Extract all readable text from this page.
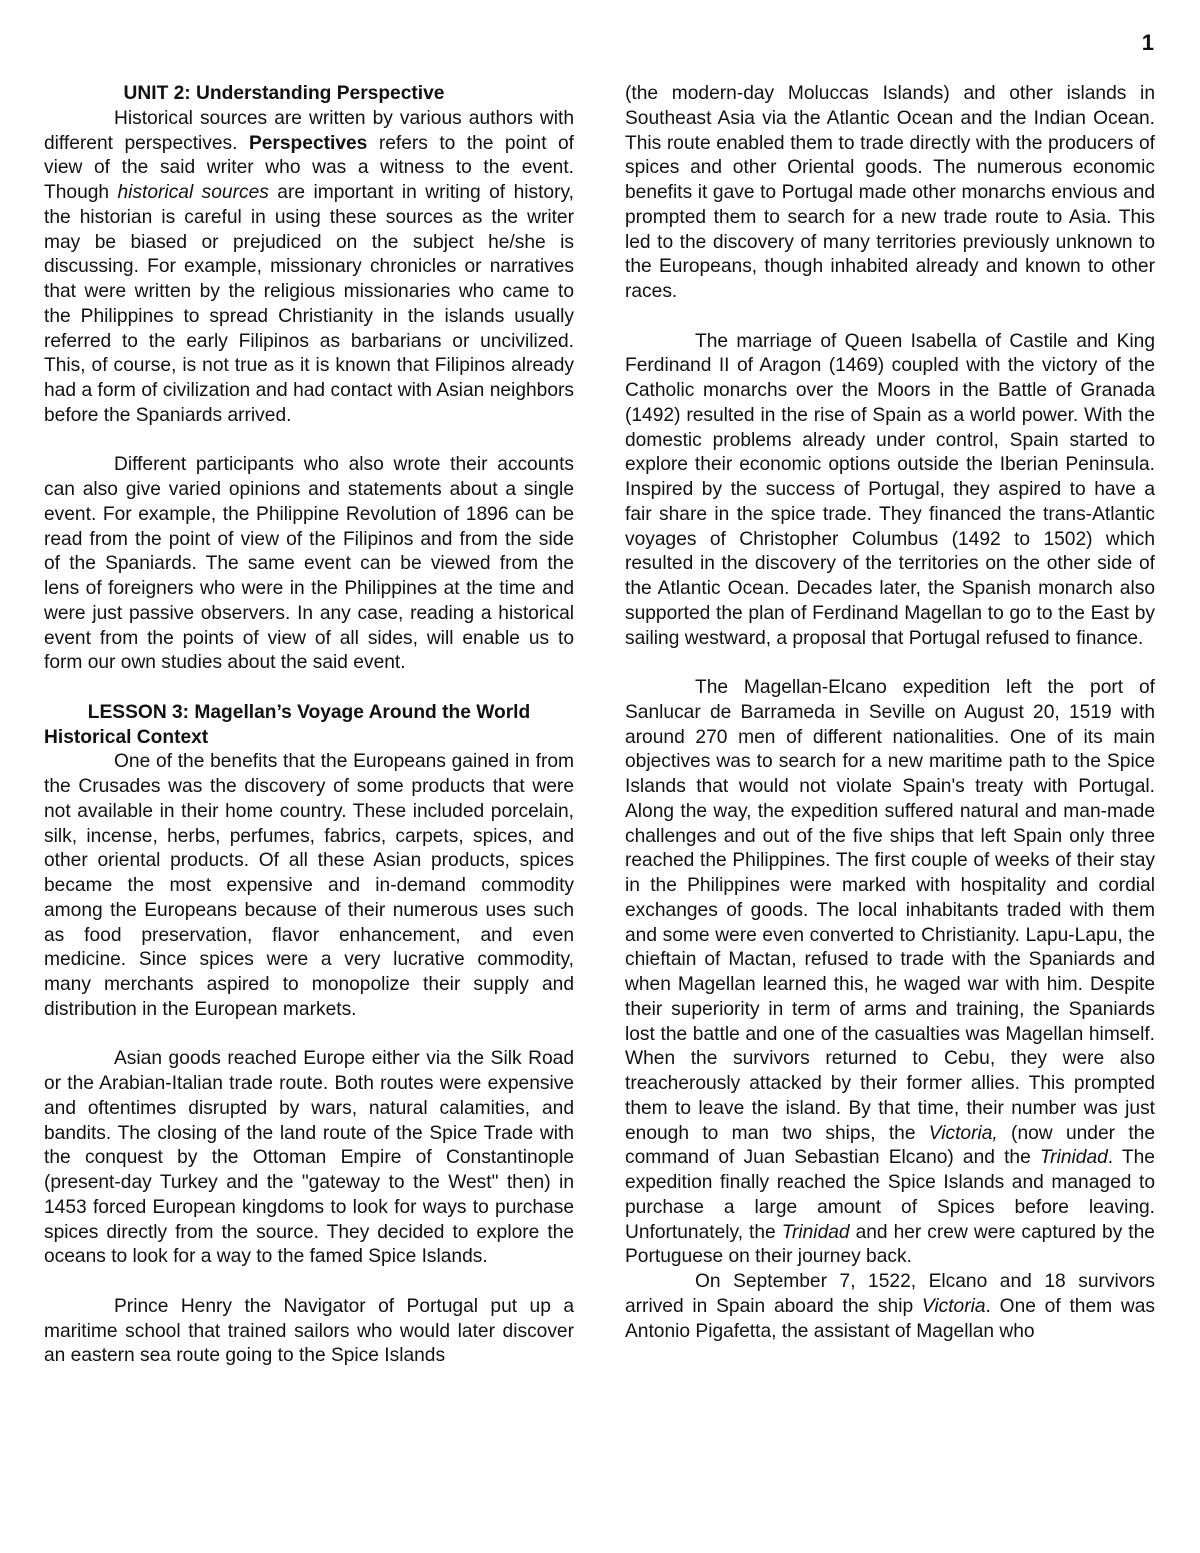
1

UNIT 2: Understanding Perspective

Historical sources are written by various authors with different perspectives. Perspectives refers to the point of view of the said writer who was a witness to the event. Though historical sources are important in writing of history, the historian is careful in using these sources as the writer may be biased or prejudiced on the subject he/she is discussing. For example, missionary chronicles or narratives that were written by the religious missionaries who came to the Philippines to spread Christianity in the islands usually referred to the early Filipinos as barbarians or uncivilized. This, of course, is not true as it is known that Filipinos already had a form of civilization and had contact with Asian neighbors before the Spaniards arrived.

Different participants who also wrote their accounts can also give varied opinions and statements about a single event. For example, the Philippine Revolution of 1896 can be read from the point of view of the Filipinos and from the side of the Spaniards. The same event can be viewed from the lens of foreigners who were in the Philippines at the time and were just passive observers. In any case, reading a historical event from the points of view of all sides, will enable us to form our own studies about the said event.

LESSON 3: Magellan’s Voyage Around the World

Historical Context

One of the benefits that the Europeans gained in from the Crusades was the discovery of some products that were not available in their home country. These included porcelain, silk, incense, herbs, perfumes, fabrics, carpets, spices, and other oriental products. Of all these Asian products, spices became the most expensive and in-demand commodity among the Europeans because of their numerous uses such as food preservation, flavor enhancement, and even medicine. Since spices were a very lucrative commodity, many merchants aspired to monopolize their supply and distribution in the European markets.

Asian goods reached Europe either via the Silk Road or the Arabian-Italian trade route. Both routes were expensive and oftentimes disrupted by wars, natural calamities, and bandits. The closing of the land route of the Spice Trade with the conquest by the Ottoman Empire of Constantinople (present-day Turkey and the "gateway to the West" then) in 1453 forced European kingdoms to look for ways to purchase spices directly from the source. They decided to explore the oceans to look for a way to the famed Spice Islands.

Prince Henry the Navigator of Portugal put up a maritime school that trained sailors who would later discover an eastern sea route going to the Spice Islands

(the modern-day Moluccas Islands) and other islands in Southeast Asia via the Atlantic Ocean and the Indian Ocean. This route enabled them to trade directly with the producers of spices and other Oriental goods. The numerous economic benefits it gave to Portugal made other monarchs envious and prompted them to search for a new trade route to Asia. This led to the discovery of many territories previously unknown to the Europeans, though inhabited already and known to other races.

The marriage of Queen Isabella of Castile and King Ferdinand II of Aragon (1469) coupled with the victory of the Catholic monarchs over the Moors in the Battle of Granada (1492) resulted in the rise of Spain as a world power. With the domestic problems already under control, Spain started to explore their economic options outside the Iberian Peninsula. Inspired by the success of Portugal, they aspired to have a fair share in the spice trade. They financed the trans-Atlantic voyages of Christopher Columbus (1492 to 1502) which resulted in the discovery of the territories on the other side of the Atlantic Ocean. Decades later, the Spanish monarch also supported the plan of Ferdinand Magellan to go to the East by sailing westward, a proposal that Portugal refused to finance.

The Magellan-Elcano expedition left the port of Sanlucar de Barrameda in Seville on August 20, 1519 with around 270 men of different nationalities. One of its main objectives was to search for a new maritime path to the Spice Islands that would not violate Spain's treaty with Portugal. Along the way, the expedition suffered natural and man-made challenges and out of the five ships that left Spain only three reached the Philippines. The first couple of weeks of their stay in the Philippines were marked with hospitality and cordial exchanges of goods. The local inhabitants traded with them and some were even converted to Christianity. Lapu-Lapu, the chieftain of Mactan, refused to trade with the Spaniards and when Magellan learned this, he waged war with him. Despite their superiority in term of arms and training, the Spaniards lost the battle and one of the casualties was Magellan himself. When the survivors returned to Cebu, they were also treacherously attacked by their former allies. This prompted them to leave the island. By that time, their number was just enough to man two ships, the Victoria, (now under the command of Juan Sebastian Elcano) and the Trinidad. The expedition finally reached the Spice Islands and managed to purchase a large amount of Spices before leaving. Unfortunately, the Trinidad and her crew were captured by the Portuguese on their journey back.

On September 7, 1522, Elcano and 18 survivors arrived in Spain aboard the ship Victoria. One of them was Antonio Pigafetta, the assistant of Magellan who
